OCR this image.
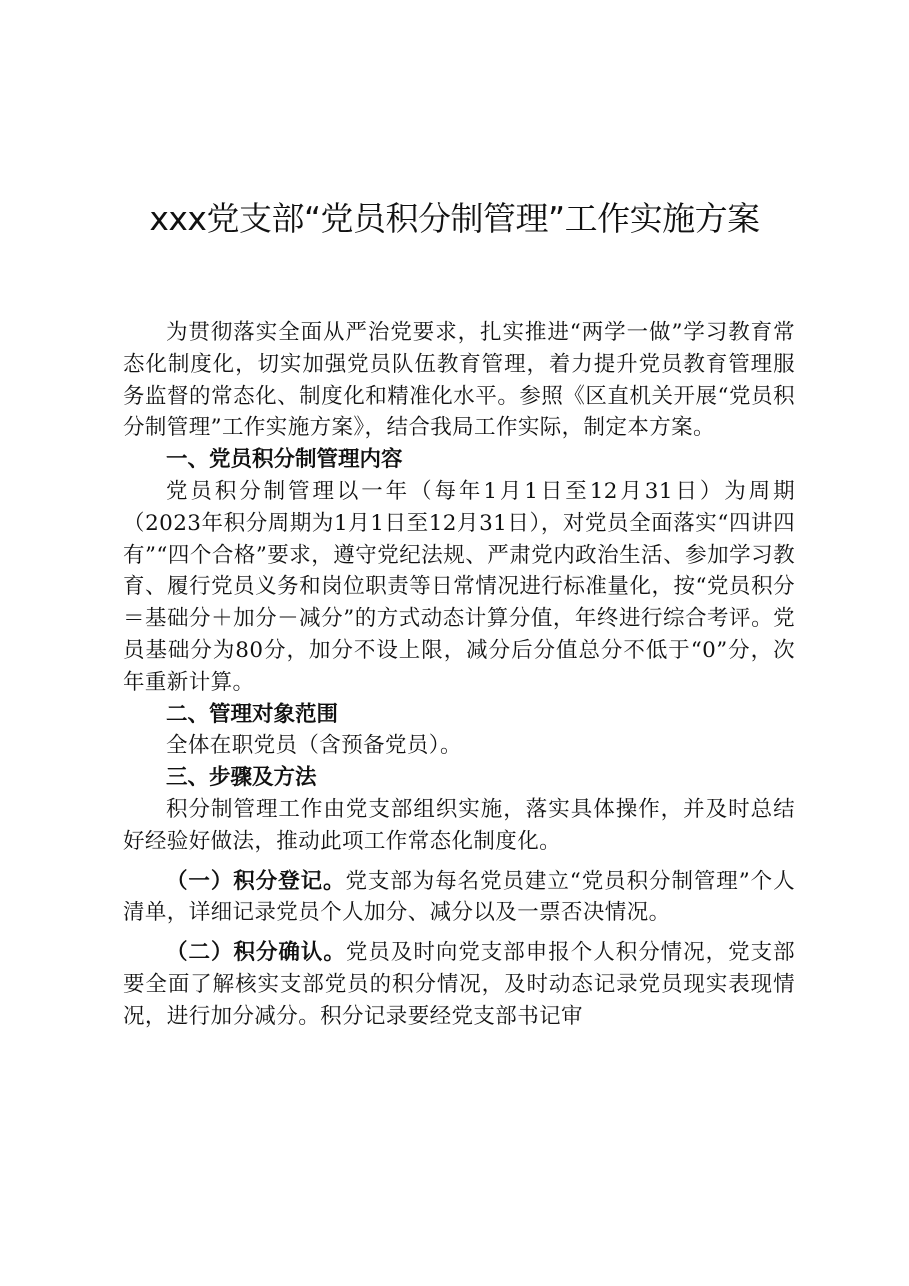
xxx党支部“党员积分制管理”工作实施方案

为贯彻落实全面从严治党要求，扎实推进“两学一做”学习教育常态化制度化，切实加强党员队伍教育管理，着力提升党员教育管理服务监督的常态化、制度化和精准化水平。参照《区直机关开展“党员积分制管理”工作实施方案》，结合我局工作实际，制定本方案。

一、党员积分制管理内容

党员积分制管理以一年（每年1月1日至12月31日）为周期（2023年积分周期为1月1日至12月31日），对党员全面落实“四讲四有”“四个合格”要求，遵守党纪法规、严肃党内政治生活、参加学习教育、履行党员义务和岗位职责等日常情况进行标准量化，按“党员积分＝基础分＋加分－减分”的方式动态计算分值，年终进行综合考评。党员基础分为80分，加分不设上限，减分后分值总分不低于“0”分，次年重新计算。

二、管理对象范围

全体在职党员（含预备党员）。

三、步骤及方法

积分制管理工作由党支部组织实施，落实具体操作，并及时总结好经验好做法，推动此项工作常态化制度化。

（一）积分登记。党支部为每名党员建立“党员积分制管理”个人清单，详细记录党员个人加分、减分以及一票否决情况。

（二）积分确认。党员及时向党支部申报个人积分情况，党支部要全面了解核实支部党员的积分情况，及时动态记录党员现实表现情况，进行加分减分。积分记录要经党支部书记审
